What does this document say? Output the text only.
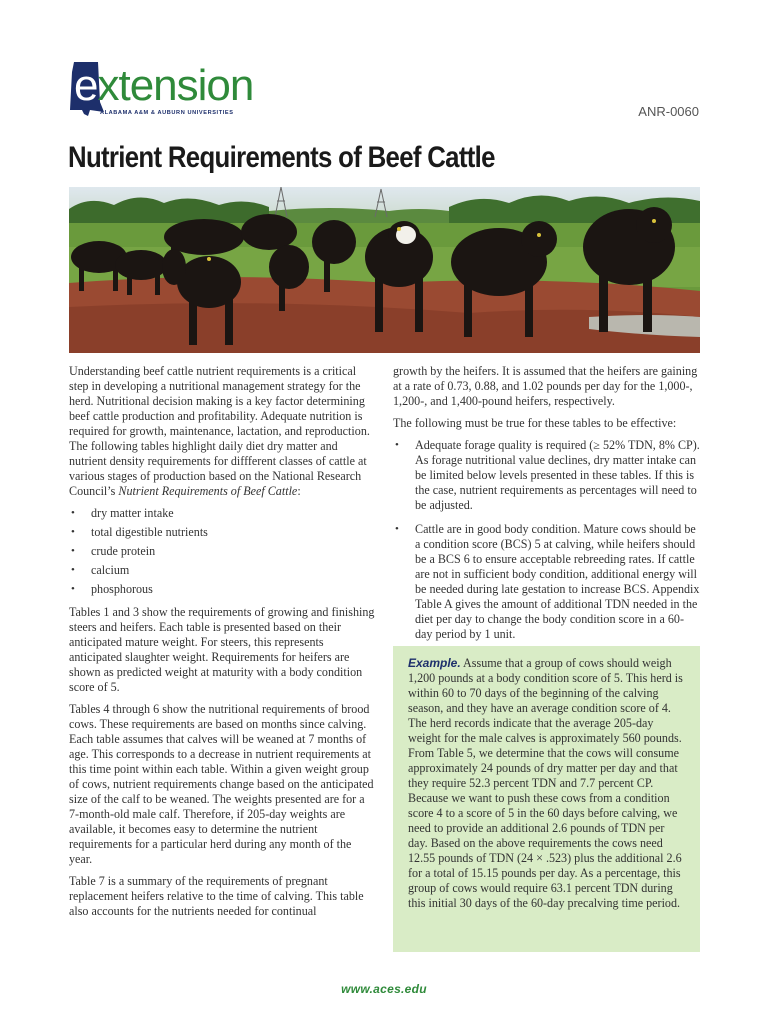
extension
ALABAMA A&M & AUBURN UNIVERSITIES	ANR-0060
Nutrient Requirements of Beef Cattle

Understanding beef cattle nutrient requirements is a critical step in developing a nutritional management strategy for the herd. Nutritional decision making is a key factor determining beef cattle production and profitability. Adequate nutrition is required for growth, maintenance, lactation, and reproduction. The following tables highlight daily diet dry matter and nutrient density requirements for diffferent classes of cattle at various stages of production based on the National Research Council’s Nutrient Requirements of Beef Cattle:

• dry matter intake
• total digestible nutrients
• crude protein
• calcium
• phosphorous

Tables 1 and 3 show the requirements of growing and finishing steers and heifers. Each table is presented based on their anticipated mature weight. For steers, this represents anticipated slaughter weight. Requirements for heifers are shown as predicted weight at maturity with a body condition score of 5.

Tables 4 through 6 show the nutritional requirements of brood cows. These requirements are based on months since calving. Each table assumes that calves will be weaned at 7 months of age. This corresponds to a decrease in nutrient requirements at this time point within each table. Within a given weight group of cows, nutrient requirements change based on the anticipated size of the calf to be weaned. The weights presented are for a 7-month-old male calf. Therefore, if 205-day weights are available, it becomes easy to determine the nutrient requirements for a particular herd during any month of the year.

Table 7 is a summary of the requirements of pregnant replacement heifers relative to the time of calving. This table also accounts for the nutrients needed for continual

growth by the heifers. It is assumed that the heifers are gaining at a rate of 0.73, 0.88, and 1.02 pounds per day for the 1,000-, 1,200-, and 1,400-pound heifers, respectively.

The following must be true for these tables to be effective:

• Adequate forage quality is required (≥ 52% TDN, 8% CP). As forage nutritional value declines, dry matter intake can be limited below levels presented in these tables. If this is the case, nutrient requirements as percentages will need to be adjusted.
• Cattle are in good body condition. Mature cows should be a condition score (BCS) 5 at calving, while heifers should be a BCS 6 to ensure acceptable rebreeding rates. If cattle are not in sufficient body condition, additional energy will be needed during late gestation to increase BCS. Appendix Table A gives the amount of additional TDN needed in the diet per day to change the body condition score in a 60-day period by 1 unit.
Example. Assume that a group of cows should weigh 1,200 pounds at a body condition score of 5. This herd is within 60 to 70 days of the beginning of the calving season, and they have an average condition score of 4. The herd records indicate that the average 205-day weight for the male calves is approximately 560 pounds. From Table 5, we determine that the cows will consume approximately 24 pounds of dry matter per day and that they require 52.3 percent TDN and 7.7 percent CP. Because we want to push these cows from a condition score 4 to a score of 5 in the 60 days before calving, we need to provide an additional 2.6 pounds of TDN per day. Based on the above requirements the cows need 12.55 pounds of TDN (24 × .523) plus the additional 2.6 for a total of 15.15 pounds per day. As a percentage, this group of cows would require 63.1 percent TDN during this initial 30 days of the 60-day precalving time period.
www.aces.edu
